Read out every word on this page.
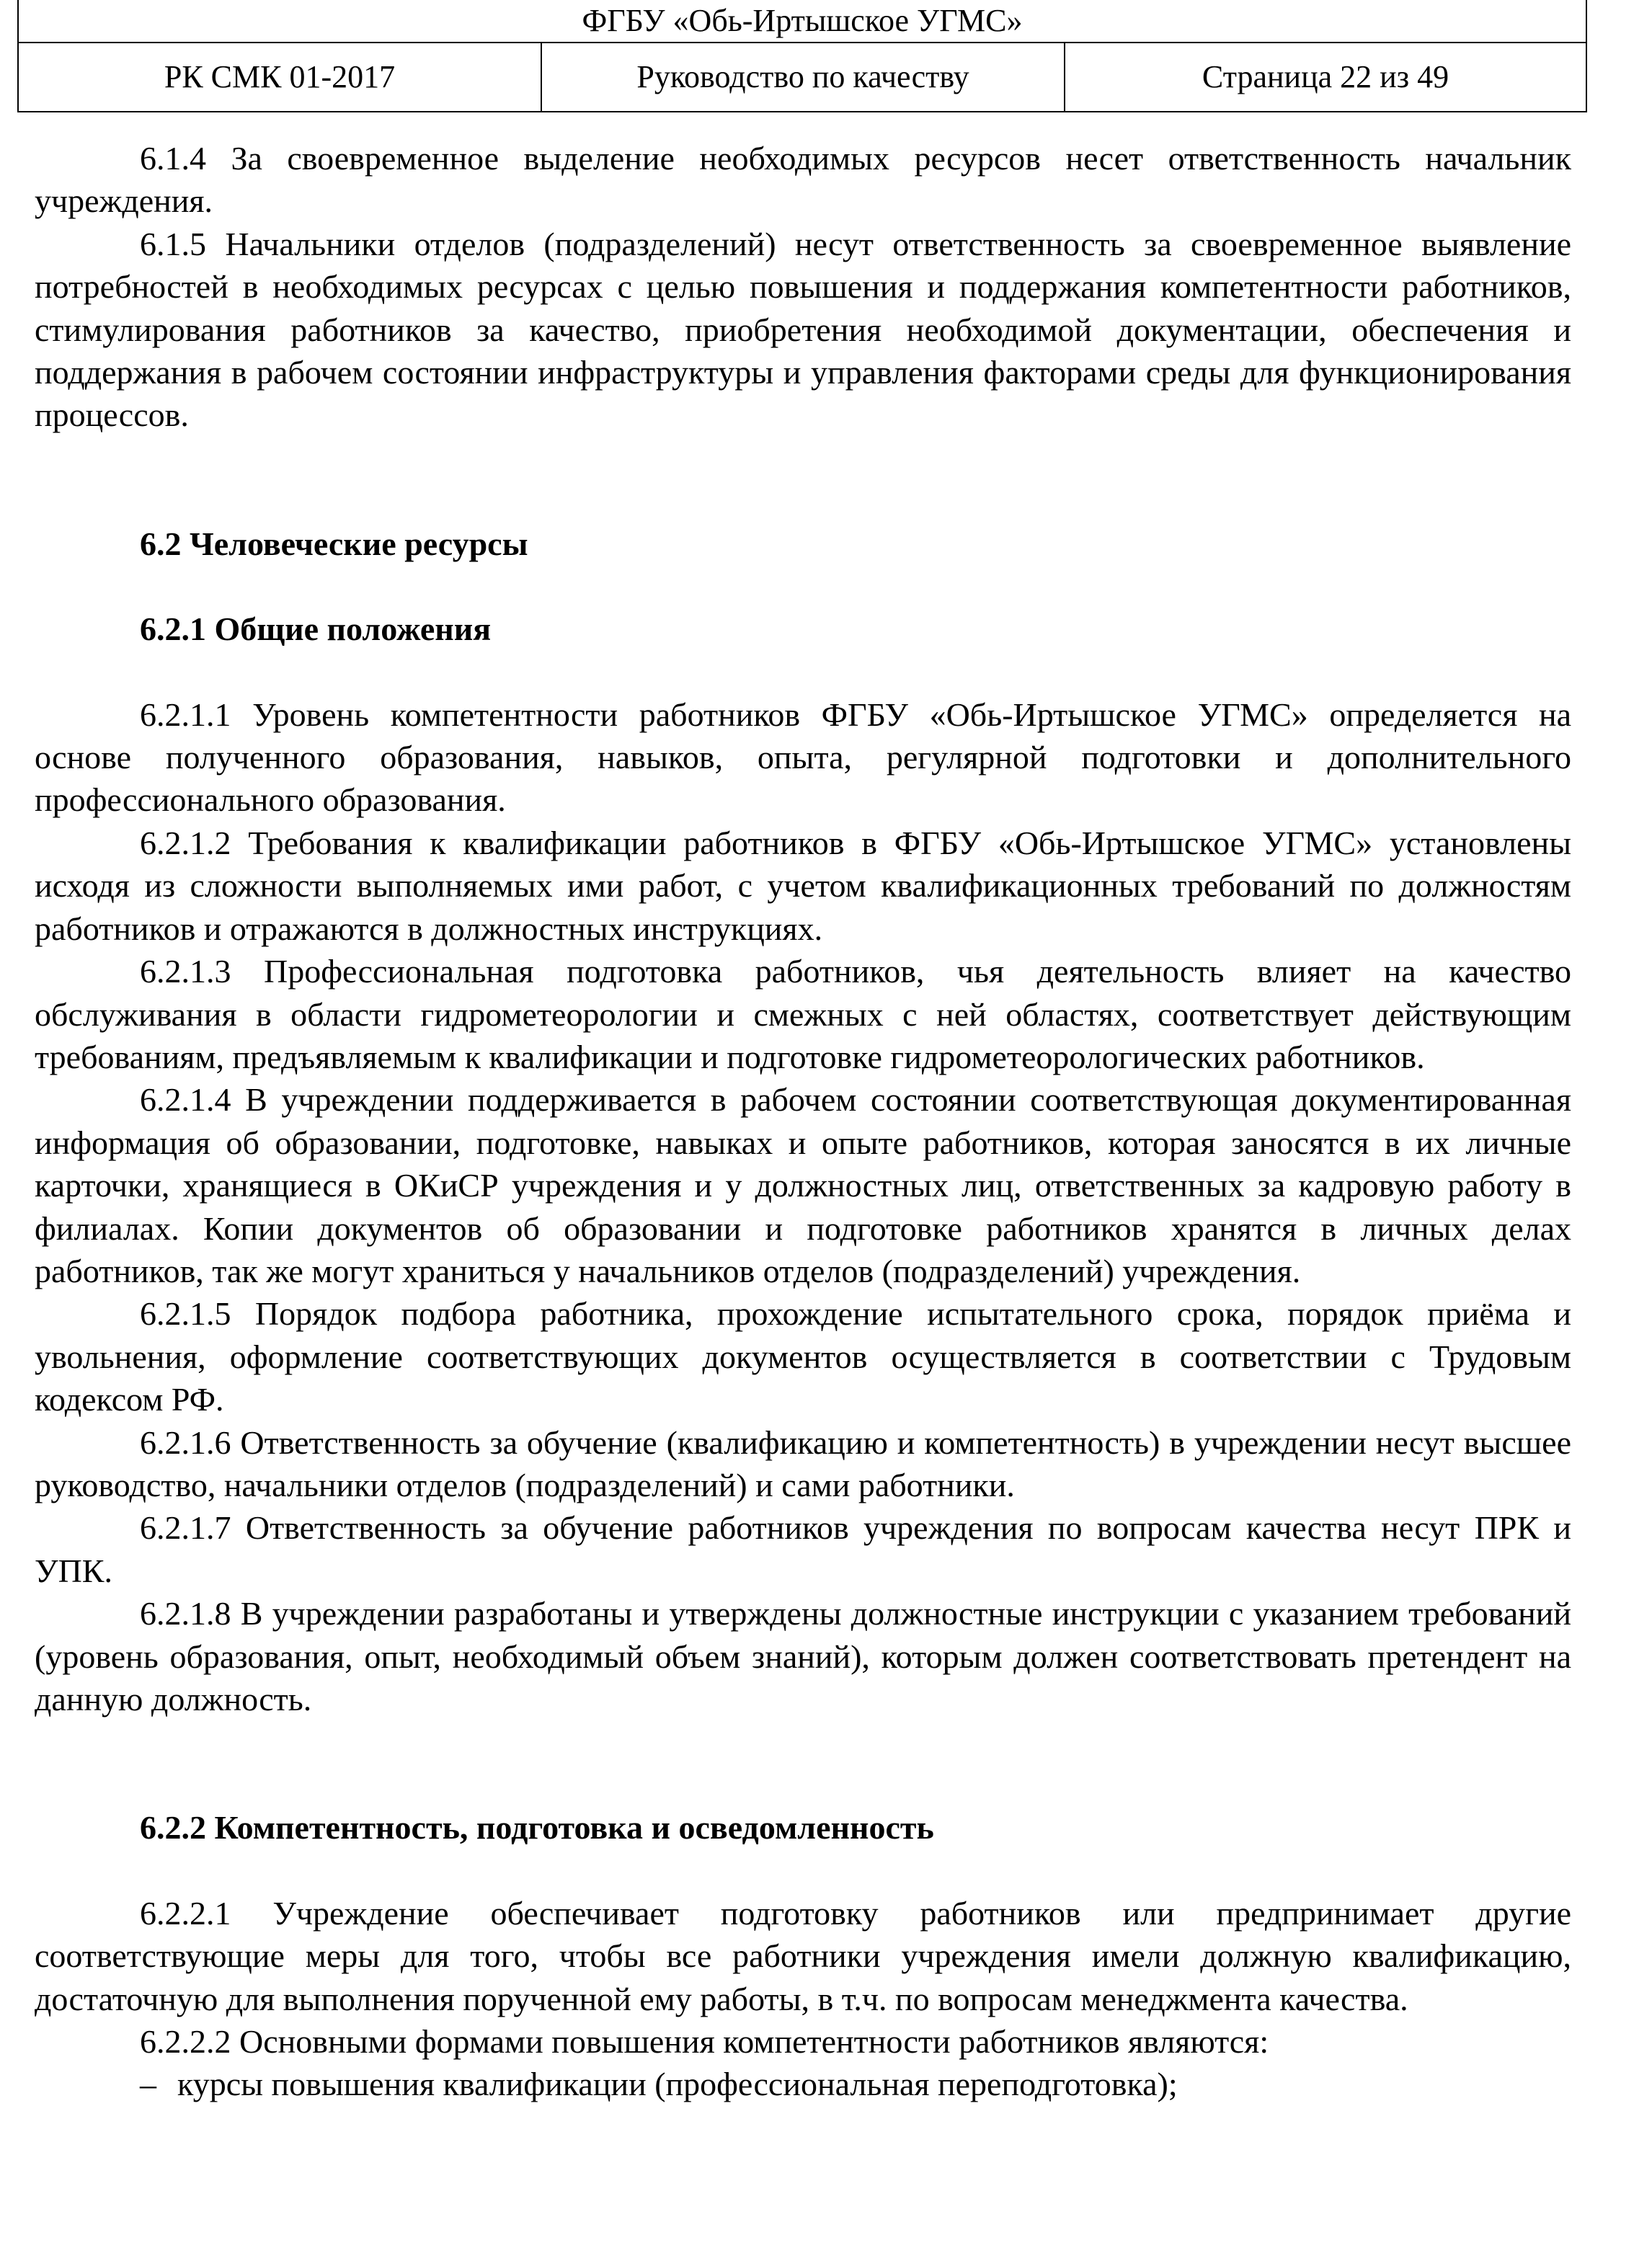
ФГБУ «Обь-Иртышское УГМС»
РК СМК 01-2017	Руководство по качеству	Страница 22 из 49

6.1.4 За своевременное выделение необходимых ресурсов несет ответственность начальник учреждения.

6.1.5 Начальники отделов (подразделений) несут ответственность за своевременное выявление потребностей в необходимых ресурсах с целью повышения и поддержания компетентности работников, стимулирования работников за качество, приобретения необходимой документации, обеспечения и поддержания в рабочем состоянии инфраструктуры и управления факторами среды для функционирования процессов.

6.2 Человеческие ресурсы

6.2.1 Общие положения

6.2.1.1 Уровень компетентности работников ФГБУ «Обь-Иртышское УГМС» определяется на основе полученного образования, навыков, опыта, регулярной подготовки и дополнительного профессионального образования.

6.2.1.2 Требования к квалификации работников в ФГБУ «Обь-Иртышское УГМС» установлены исходя из сложности выполняемых ими работ, с учетом квалификационных требований по должностям работников и отражаются в должностных инструкциях.

6.2.1.3 Профессиональная подготовка работников, чья деятельность влияет на качество обслуживания в области гидрометеорологии и смежных с ней областях, соответствует действующим требованиям, предъявляемым к квалификации и подготовке гидрометеорологических работников.

6.2.1.4 В учреждении поддерживается в рабочем состоянии соответствующая документированная информация об образовании, подготовке, навыках и опыте работников, которая заносятся в их личные карточки, хранящиеся в ОКиСР учреждения и у должностных лиц, ответственных за кадровую работу в филиалах. Копии документов об образовании и подготовке работников хранятся в личных делах работников, так же могут храниться у начальников отделов (подразделений) учреждения.

6.2.1.5 Порядок подбора работника, прохождение испытательного срока, порядок приёма и увольнения, оформление соответствующих документов осуществляется в соответствии с Трудовым кодексом РФ.

6.2.1.6 Ответственность за обучение (квалификацию и компетентность) в учреждении несут высшее руководство, начальники отделов (подразделений) и сами работники.

6.2.1.7 Ответственность за обучение работников учреждения по вопросам качества несут ПРК и УПК.

6.2.1.8 В учреждении разработаны и утверждены должностные инструкции с указанием требований (уровень образования, опыт, необходимый объем знаний), которым должен соответствовать претендент на данную должность.

6.2.2 Компетентность, подготовка и осведомленность

6.2.2.1 Учреждение обеспечивает подготовку работников или предпринимает другие соответствующие меры для того, чтобы все работники учреждения имели должную квалификацию, достаточную для выполнения порученной ему работы, в т.ч. по вопросам менеджмента качества.

6.2.2.2 Основными формами повышения компетентности работников являются:

– курсы повышения квалификации (профессиональная переподготовка);
